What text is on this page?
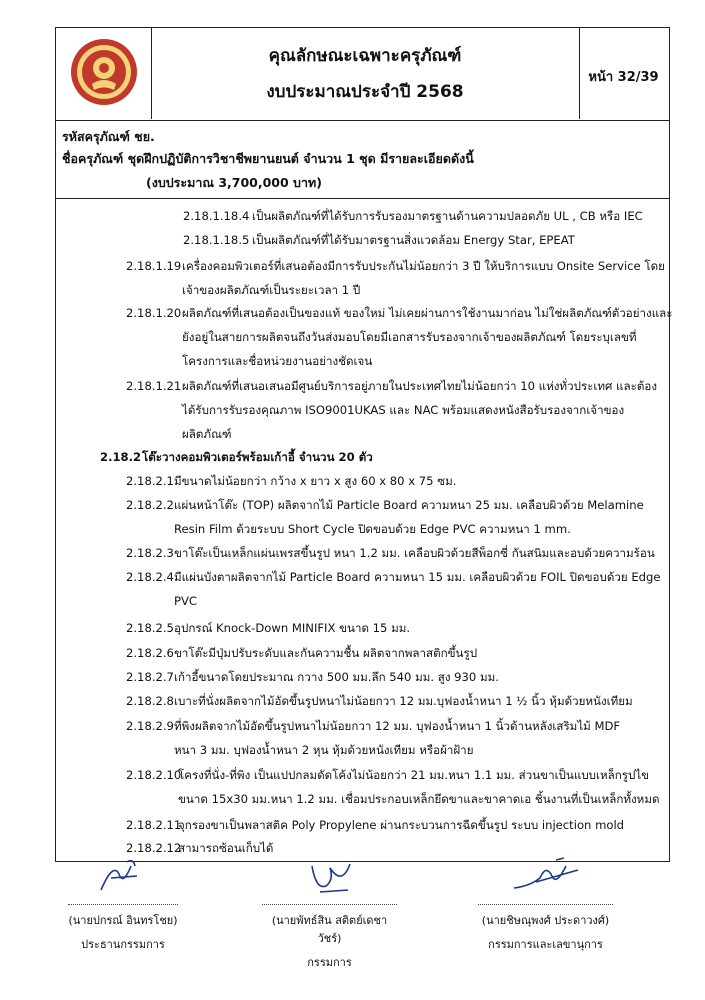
คุณลักษณะเฉพาะครุภัณฑ์
งบประมาณประจำปี 2568
หน้า 32/39
รหัสครุภัณฑ์ ชย.
ชื่อครุภัณฑ์ ชุดฝึกปฏิบัติการวิชาชีพยานยนต์ จำนวน 1 ชุด มีรายละเอียดดังนี้
(งบประมาณ 3,700,000 บาท)
2.18.1.18.4 เป็นผลิตภัณฑ์ที่ได้รับการรับรองมาตรฐานด้านความปลอดภัย UL , CB หรือ IEC
2.18.1.18.5 เป็นผลิตภัณฑ์ที่ได้รับมาตรฐานสิ่งแวดล้อม Energy Star, EPEAT
2.18.1.19 เครื่องคอมพิวเตอร์ที่เสนอต้องมีการรับประกันไม่น้อยกว่า 3 ปี ให้บริการแบบ Onsite Service โดย
เจ้าของผลิตภัณฑ์เป็นระยะเวลา 1 ปี
2.18.1.20 ผลิตภัณฑ์ที่เสนอต้องเป็นของแท้ ของใหม่ ไม่เคยผ่านการใช้งานมาก่อน ไม่ใช่ผลิตภัณฑ์ตัวอย่างและ
ยังอยู่ในสายการผลิตจนถึงวันส่งมอบโดยมีเอกสารรับรองจากเจ้าของผลิตภัณฑ์ โดยระบุเลขที่
โครงการและชื่อหน่วยงานอย่างชัดเจน
2.18.1.21 ผลิตภัณฑ์ที่เสนอเสนอมีศูนย์บริการอยู่ภายในประเทศไทยไม่น้อยกว่า 10 แห่งทั่วประเทศ และต้อง
ได้รับการรับรองคุณภาพ ISO9001UKAS และ NAC พร้อมแสดงหนังสือรับรองจากเจ้าของ
ผลิตภัณฑ์
2.18.2 โต๊ะวางคอมพิวเตอร์พร้อมเก้าอี้ จำนวน 20 ตัว
2.18.2.1 มีขนาดไม่น้อยกว่า กว้าง x ยาว x สูง 60 x 80 x 75 ซม.
2.18.2.2 แผ่นหน้าโต๊ะ (TOP) ผลิตจากไม้ Particle Board ความหนา 25 มม. เคลือบผิวด้วย Melamine
Resin Film ด้วยระบบ Short Cycle ปิดขอบด้วย Edge PVC ความหนา 1 mm.
2.18.2.3 ขาโต๊ะเป็นเหล็กแผ่นเพรสขึ้นรูป หนา 1.2 มม. เคลือบผิวด้วยสีพ็อกซี่ กันสนิมและอบด้วยความร้อน
2.18.2.4 มีแผ่นบังตาผลิตจากไม้ Particle Board ความหนา 15 มม. เคลือบผิวด้วย FOIL ปิดขอบด้วย Edge
PVC
2.18.2.5 อุปกรณ์ Knock-Down MINIFIX ขนาด 15 มม.
2.18.2.6 ขาโต๊ะมีปุ่มปรับระดับและกันความชื้น ผลิตจากพลาสติกขึ้นรูป
2.18.2.7 เก้าอี้ขนาดโดยประมาณ กวาง 500 มม.ลึก 540 มม. สูง 930 มม.
2.18.2.8 เบาะที่นั่งผลิตจากไม้อัดขึ้นรูปหนาไม่น้อยกวา 12 มม.บุฟองน้ำหนา 1 ½ นิ้ว หุ้มด้วยหนังเทียม
2.18.2.9 ที่พิงผลิตจากไม้อัดขึ้นรูปหนาไม่น้อยกวา 12 มม. บุฟองน้ำหนา 1 นิ้วด้านหลังเสริมไม้ MDF
หนา 3 มม. บุฟองน้ำหนา 2 หุน หุ้มด้วยหนังเทียม หรือผ้าฝ้าย
2.18.2.10
โครงที่นั่ง-ที่พิง เป็นแปปกลมดัดโค้งไม่น้อยกว่า 21 มม.หนา 1.1 มม. ส่วนขาเป็นแบบเหล็กรูปไข
ขนาด 15x30 มม.หนา 1.2 มม. เชื่อมประกอบเหล็กยึดขาและขาคาดเอ ชิ้นงานที่เป็นเหล็กทั้งหมด
2.18.2.11
จุกรองขาเป็นพลาสติค Poly Propylene ผ่านกระบวนการฉีดขึ้นรูป ระบบ injection mold
2.18.2.12
สามารถซ้อนเก็บได้
(นายปกรณ์ อินทรโชย)
ประธานกรรมการ
(นายพัทธ์สิน สติตย์เดชาวัชร์)
กรรมการ
(นายชิษณุพงศ์ ประดาวงศ์)
กรรมการและเลขานุการ
